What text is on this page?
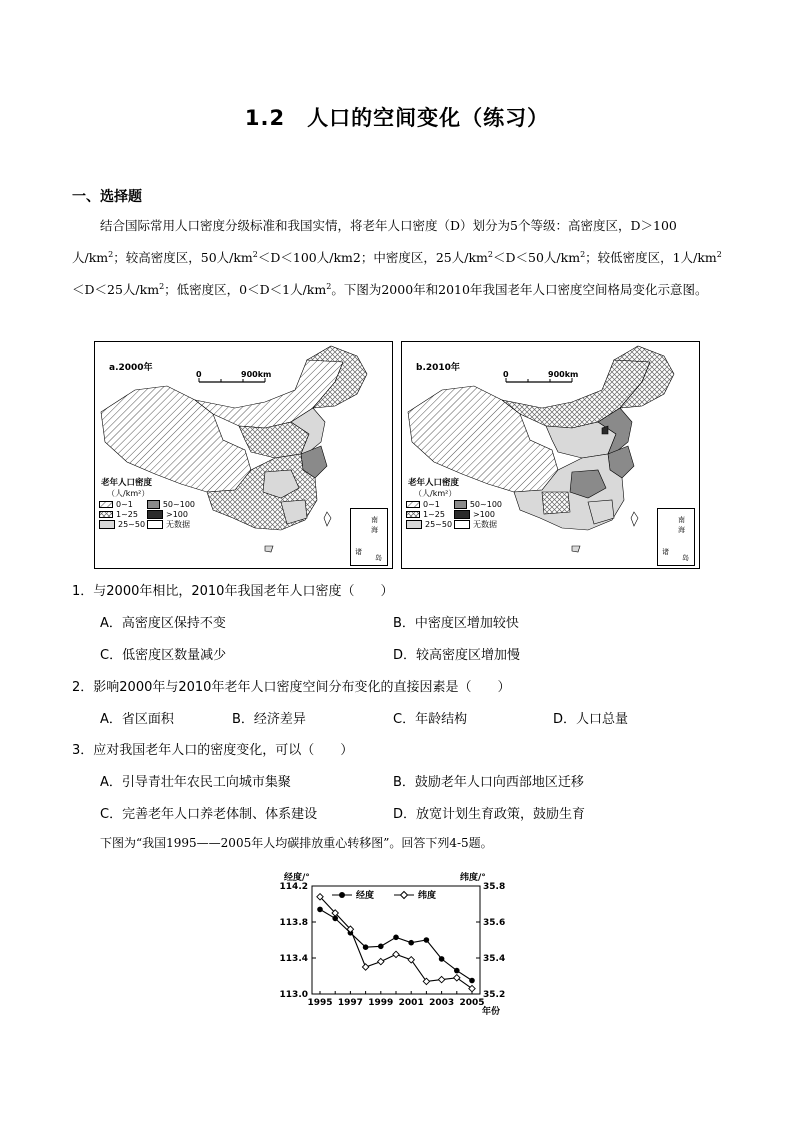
1.2　人口的空间变化（练习）
一、选择题
结合国际常用人口密度分级标准和我国实情，将老年人口密度（D）划分为5个等级：高密度区，D＞100人$/km^2$；较高密度区，50人$/km^2<D<100$人/km2；中密度区，25人$/km^2<D<50$人$/km^2$；较低密度区，1人$/km^2<D<25$人$/km^2$；低密度区，0＜D＜1人$/km^2$。下图为2000年和2010年我国老年人口密度空间格局变化示意图。
a.2000年
0	900km
老年人口密度
（人/km²）
0~1	50~100
1~25	>100
25~50	无数据	南
海
诸
岛
b.2010年
0	900km
老年人口密度
（人/km²）
0~1	50~100
1~25	>100
25~50	无数据	南
海
诸
岛
1．与2000年相比，2010年我国老年人口密度（　　）
A．高密度区保持不变	B．中密度区增加较快
C．低密度区数量减少	D．较高密度区增加慢
2．影响2000年与2010年老年人口密度空间分布变化的直接因素是（　　）
A．省区面积	B．经济差异	C．年龄结构	D．人口总量
3．应对我国老年人口的密度变化，可以（　　）
A．引导青壮年农民工向城市集聚	B．鼓励老年人口向西部地区迁移
C．完善老年人口养老体制、体系建设	D．放宽计划生育政策，鼓励生育
下图为“我国1995——2005年人均碳排放重心转移图”。回答下列4-5题。
114.2
113.8
113.4
113.0
35.8
35.6
35.4
35.2
1995 1997 1999 2001 2003 2005
经度/°	纬度/°
年份
经度	纬度
